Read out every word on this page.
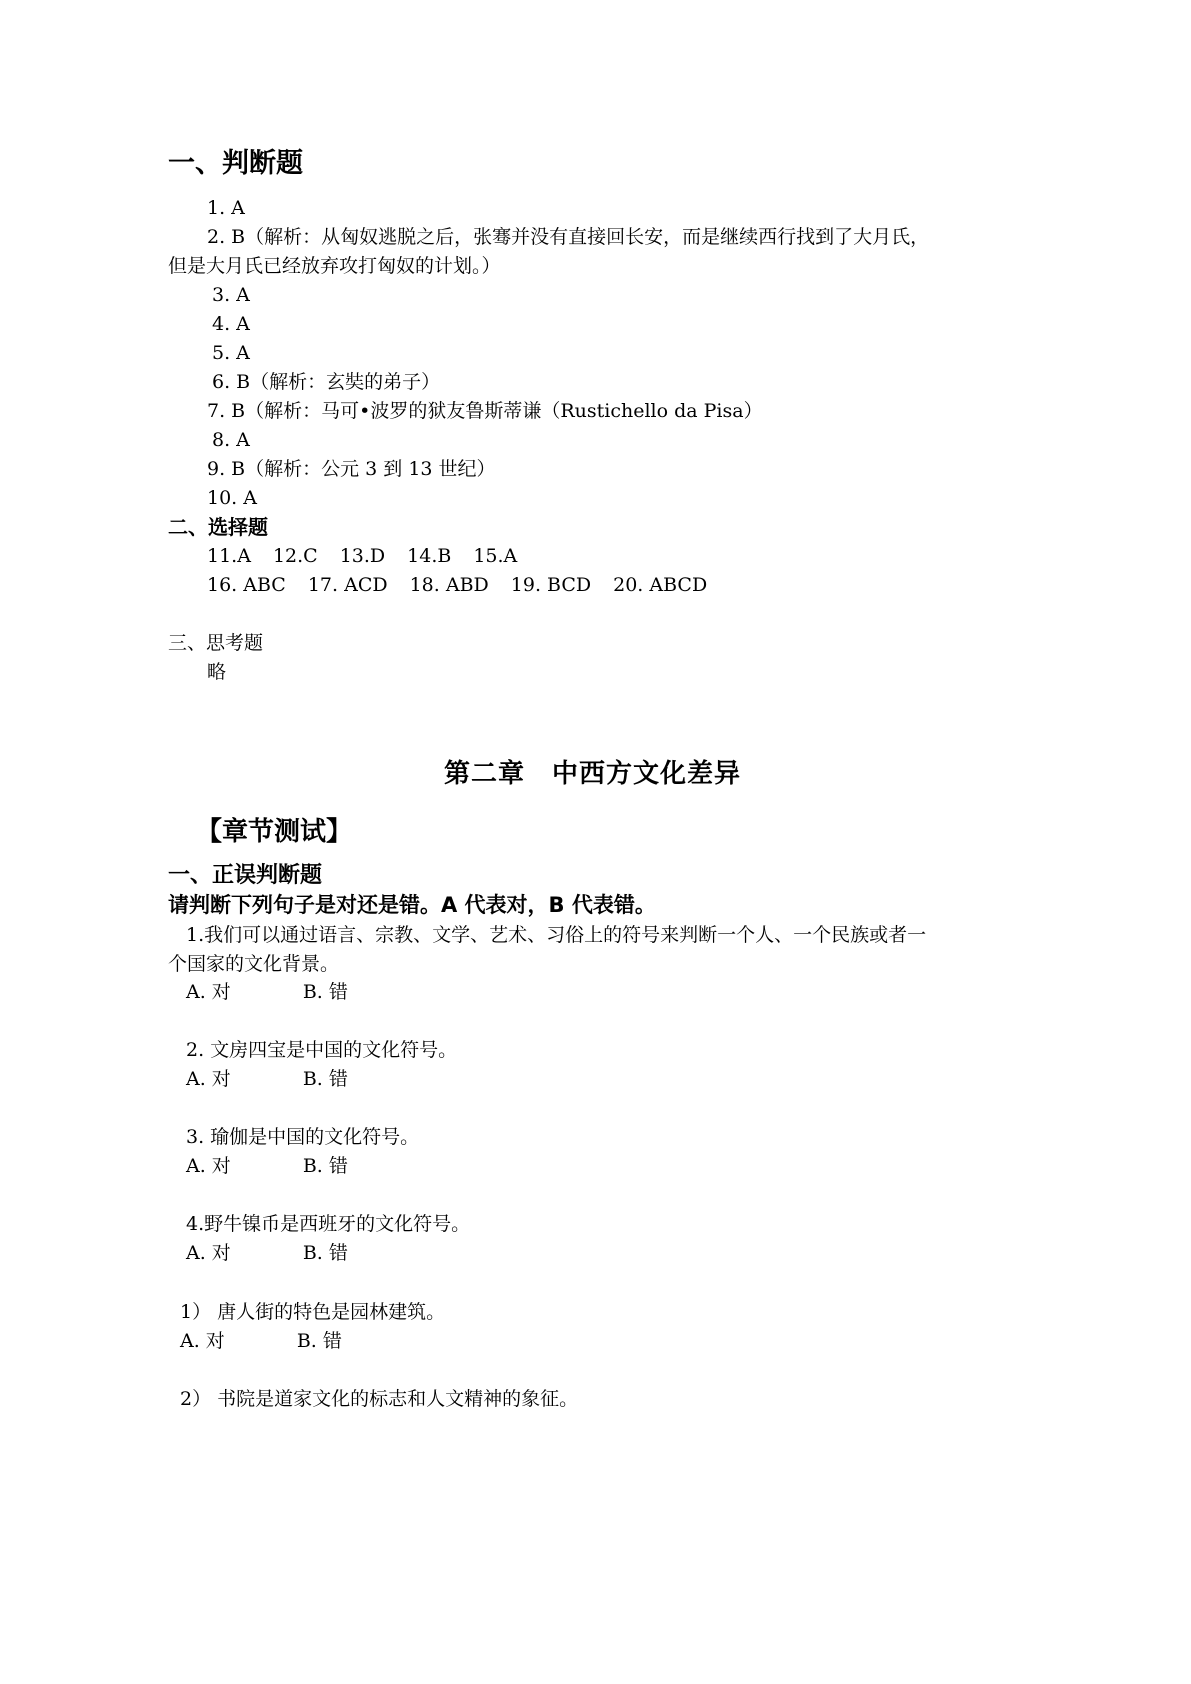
一、判断题
1. A
2. B（解析：从匈奴逃脱之后，张骞并没有直接回长安，而是继续西行找到了大月氏，
但是大月氏已经放弃攻打匈奴的计划。）
3. A
4. A
5. A
6. B（解析：玄奘的弟子）
7. B（解析：马可•波罗的狱友鲁斯蒂谦（Rustichello da Pisa）
8. A
9. B（解析：公元 3 到 13 世纪）
10. A
二、选择题
11.A 12.C 13.D 14.B 15.A
16. ABC 17. ACD 18. ABD 19. BCD 20. ABCD
三、思考题
略
第二章　中西方文化差异
【章节测试】
一、正误判断题
请判断下列句子是对还是错。A 代表对，B 代表错。
1.我们可以通过语言、宗教、文学、艺术、习俗上的符号来判断一个人、一个民族或者一
个国家的文化背景。
A. 对	B. 错
2. 文房四宝是中国的文化符号。
A. 对	B. 错
3. 瑜伽是中国的文化符号。
A. 对	B. 错
4.野牛镍币是西班牙的文化符号。
A. 对	B. 错
1） 唐人街的特色是园林建筑。
A. 对	B. 错
2） 书院是道家文化的标志和人文精神的象征。
